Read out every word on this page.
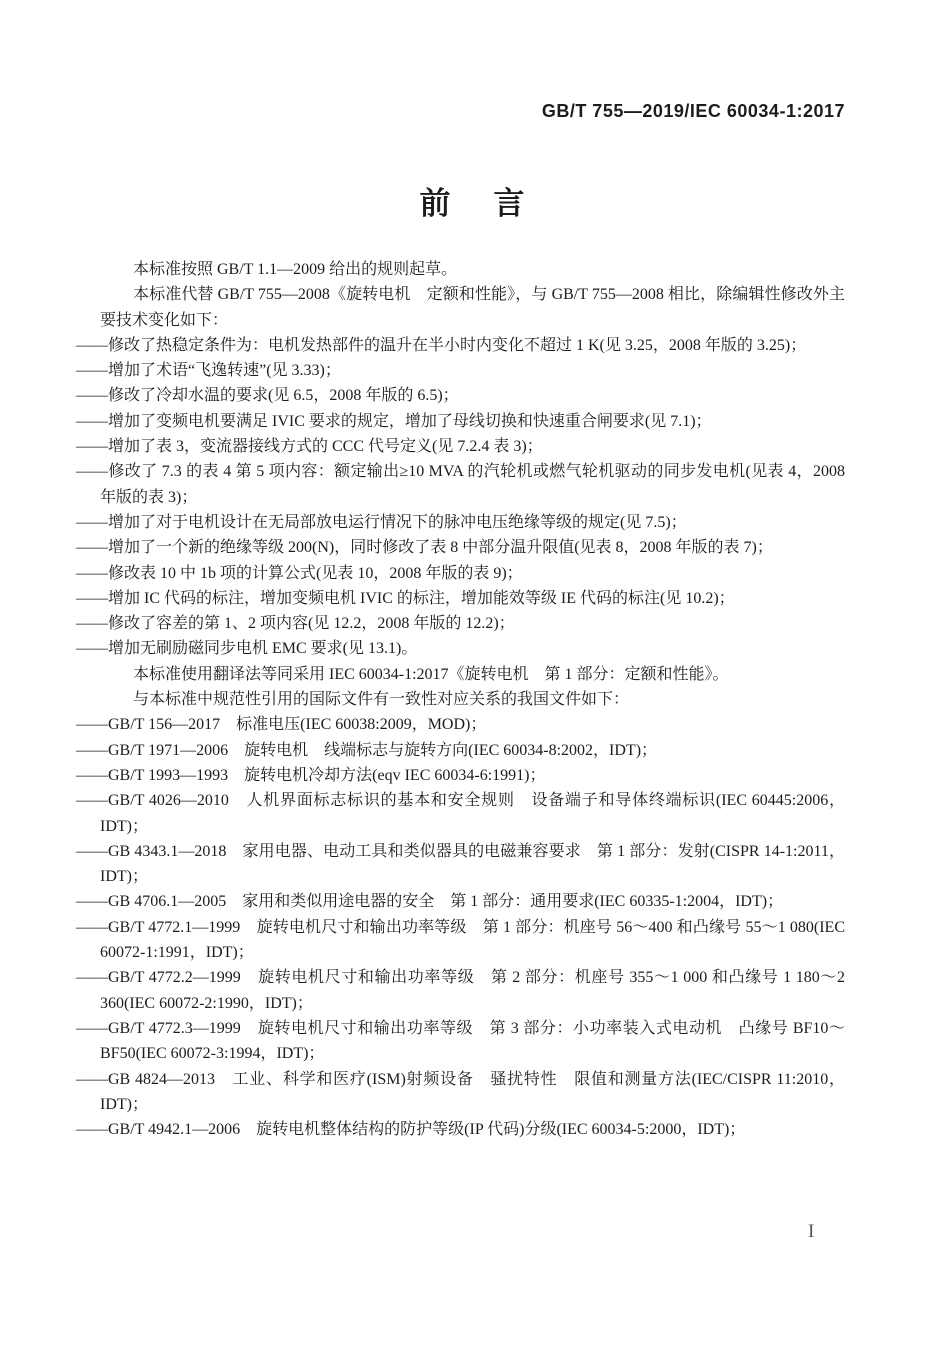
GB/T 755—2019/IEC 60034-1:2017
前　言

本标准按照 GB/T 1.1—2009 给出的规则起草。

本标准代替 GB/T 755—2008《旋转电机　定额和性能》，与 GB/T 755—2008 相比，除编辑性修改外主要技术变化如下：

——修改了热稳定条件为：电机发热部件的温升在半小时内变化不超过 1 K(见 3.25，2008 年版的 3.25)；

——增加了术语“飞逸转速”(见 3.33)；

——修改了冷却水温的要求(见 6.5，2008 年版的 6.5)；

——增加了变频电机要满足 IVIC 要求的规定，增加了母线切换和快速重合闸要求(见 7.1)；

——增加了表 3，变流器接线方式的 CCC 代号定义(见 7.2.4 表 3)；

——修改了 7.3 的表 4 第 5 项内容：额定输出≥10 MVA 的汽轮机或燃气轮机驱动的同步发电机(见表 4，2008 年版的表 3)；

——增加了对于电机设计在无局部放电运行情况下的脉冲电压绝缘等级的规定(见 7.5)；

——增加了一个新的绝缘等级 200(N)，同时修改了表 8 中部分温升限值(见表 8，2008 年版的表 7)；

——修改表 10 中 1b 项的计算公式(见表 10，2008 年版的表 9)；

——增加 IC 代码的标注，增加变频电机 IVIC 的标注，增加能效等级 IE 代码的标注(见 10.2)；

——修改了容差的第 1、2 项内容(见 12.2，2008 年版的 12.2)；

——增加无刷励磁同步电机 EMC 要求(见 13.1)。

本标准使用翻译法等同采用 IEC 60034-1:2017《旋转电机　第 1 部分：定额和性能》。

与本标准中规范性引用的国际文件有一致性对应关系的我国文件如下：

——GB/T 156—2017　标准电压(IEC 60038:2009，MOD)；

——GB/T 1971—2006　旋转电机　线端标志与旋转方向(IEC 60034-8:2002，IDT)；

——GB/T 1993—1993　旋转电机冷却方法(eqv IEC 60034-6:1991)；

——GB/T 4026—2010　人机界面标志标识的基本和安全规则　设备端子和导体终端标识(IEC 60445:2006，IDT)；

——GB 4343.1—2018　家用电器、电动工具和类似器具的电磁兼容要求　第 1 部分：发射(CISPR 14-1:2011，IDT)；

——GB 4706.1—2005　家用和类似用途电器的安全　第 1 部分：通用要求(IEC 60335-1:2004，IDT)；

——GB/T 4772.1—1999　旋转电机尺寸和输出功率等级　第 1 部分：机座号 56～400 和凸缘号 55～1 080(IEC 60072-1:1991，IDT)；

——GB/T 4772.2—1999　旋转电机尺寸和输出功率等级　第 2 部分：机座号 355～1 000 和凸缘号 1 180～2 360(IEC 60072-2:1990，IDT)；

——GB/T 4772.3—1999　旋转电机尺寸和输出功率等级　第 3 部分：小功率装入式电动机　凸缘号 BF10～BF50(IEC 60072-3:1994，IDT)；

——GB 4824—2013　工业、科学和医疗(ISM)射频设备　骚扰特性　限值和测量方法(IEC/CISPR 11:2010，IDT)；

——GB/T 4942.1—2006　旋转电机整体结构的防护等级(IP 代码)分级(IEC 60034-5:2000，IDT)；

I
